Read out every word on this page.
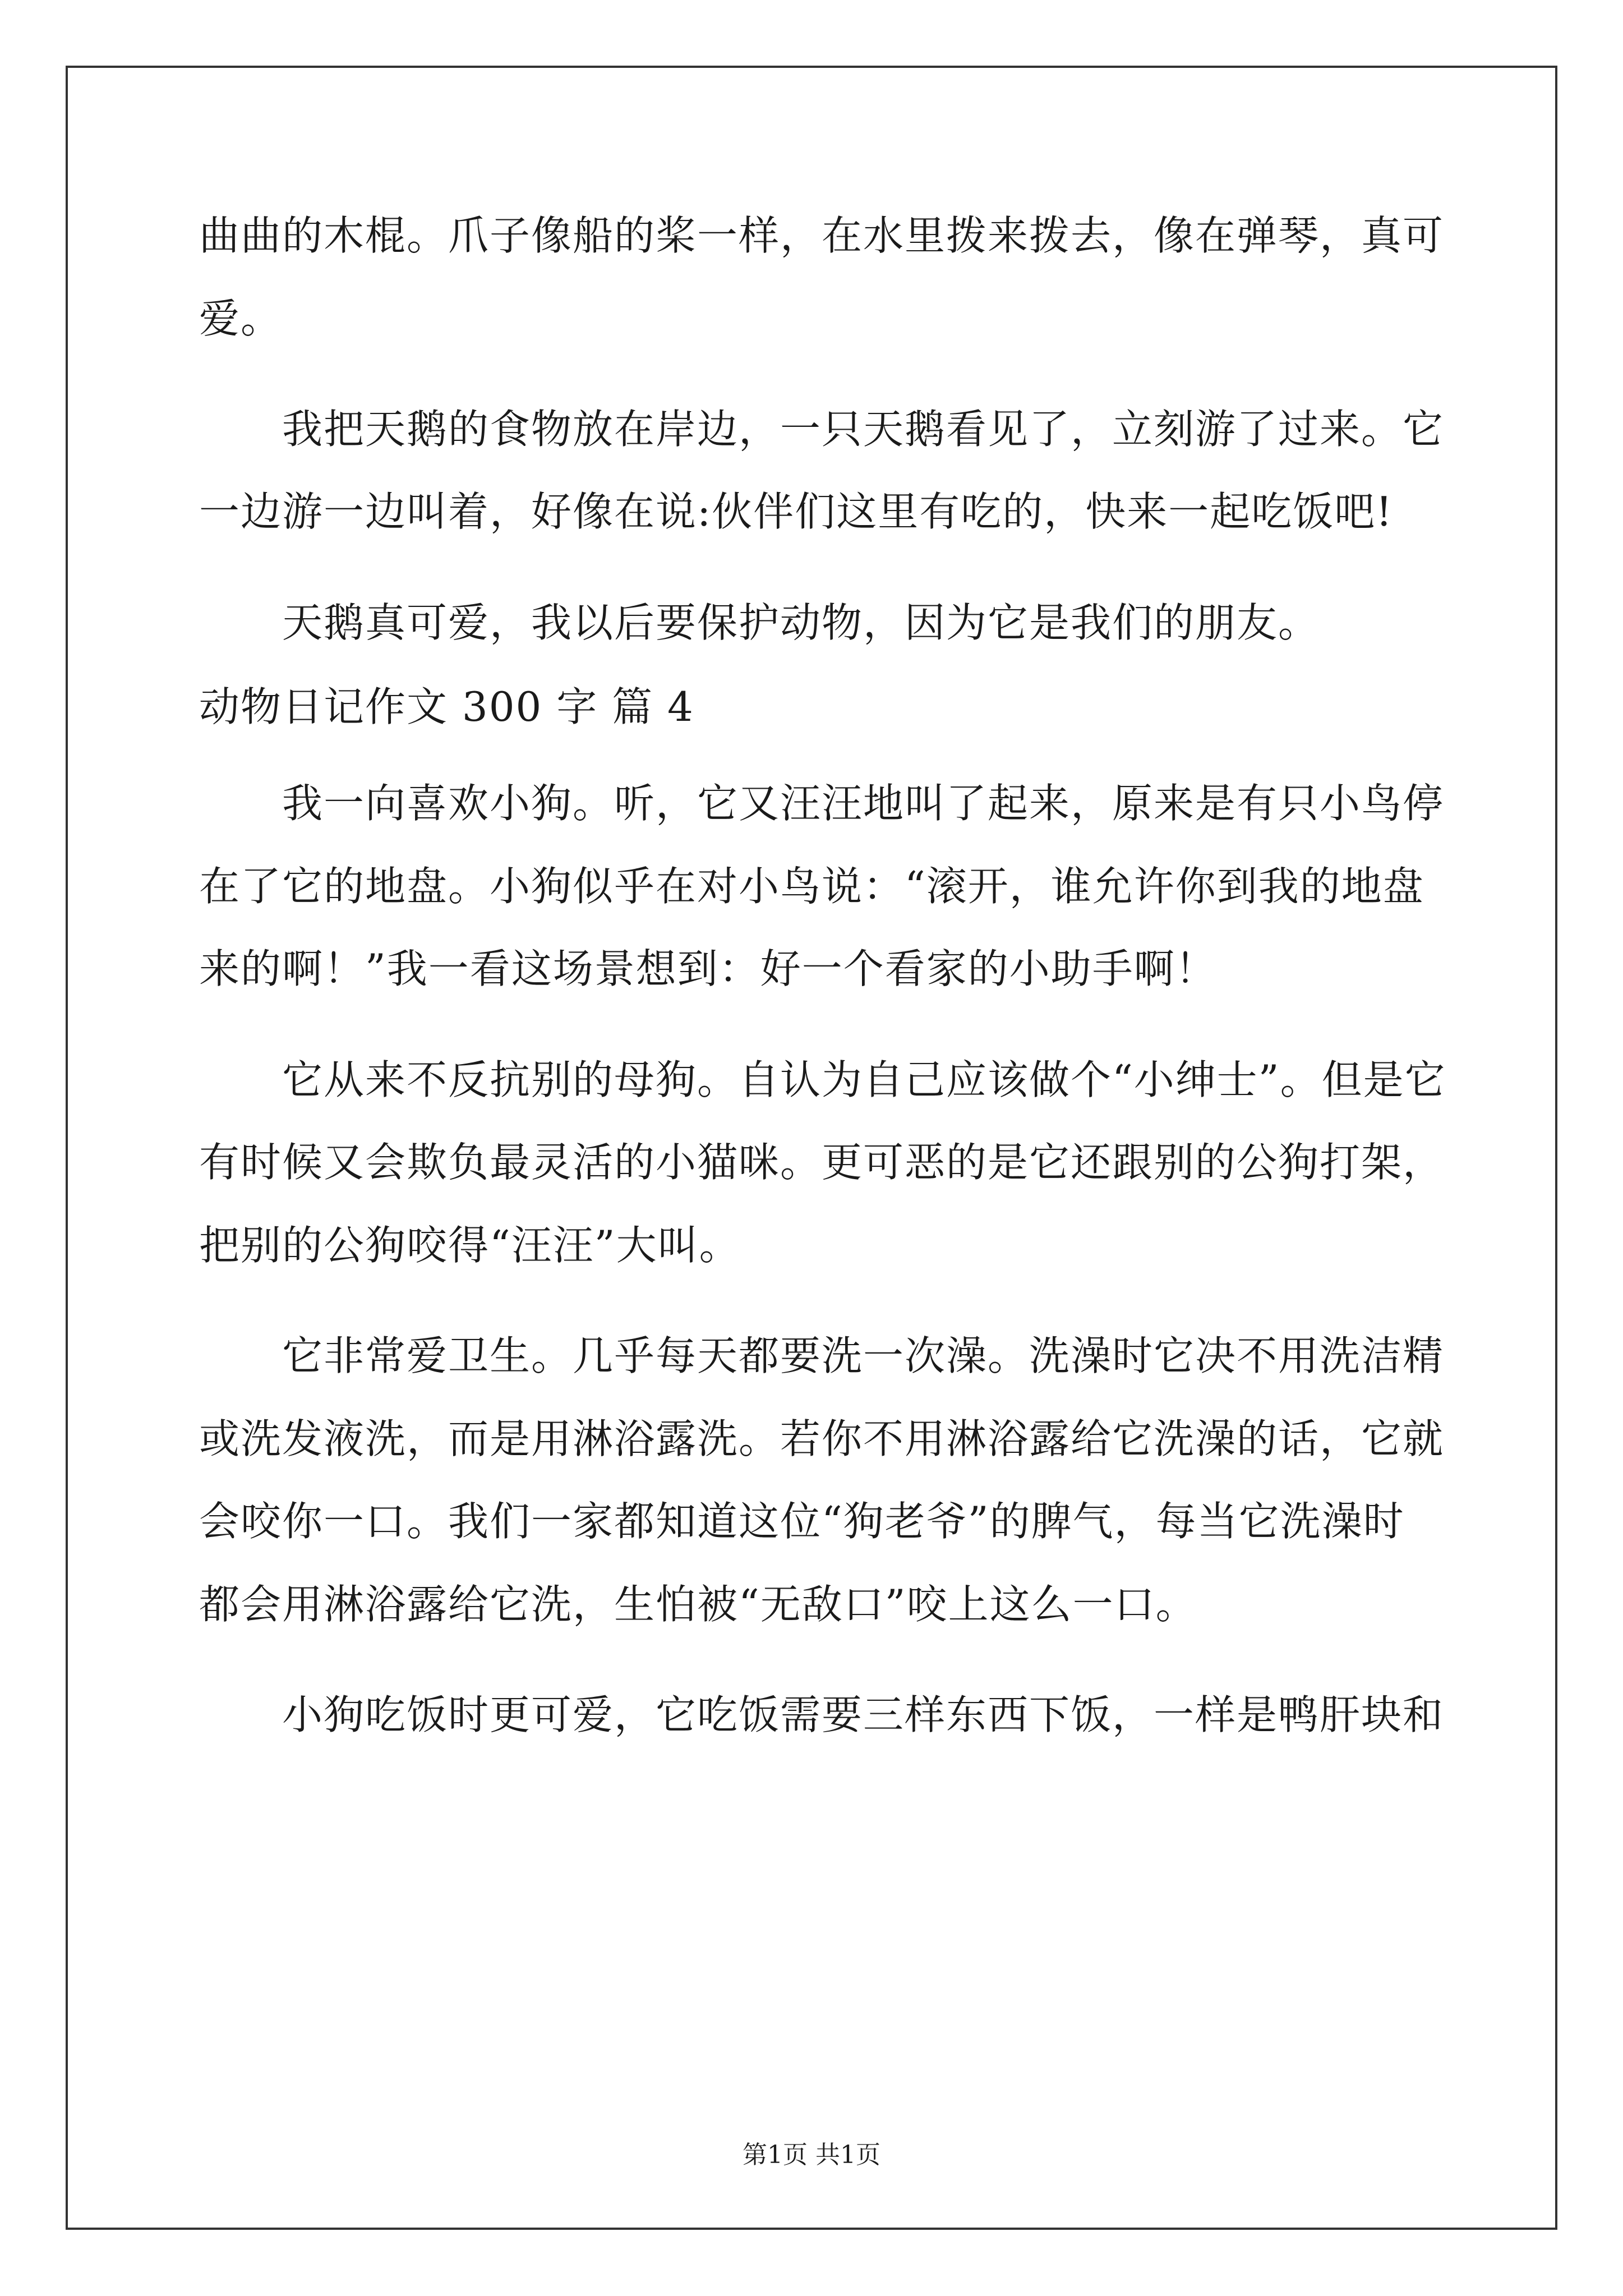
曲曲的木棍。爪子像船的桨一样，在水里拨来拨去，像在弹琴，真可
爱。
我把天鹅的食物放在岸边，一只天鹅看见了，立刻游了过来。它
一边游一边叫着，好像在说:伙伴们这里有吃的，快来一起吃饭吧!
天鹅真可爱，我以后要保护动物，因为它是我们的朋友。
动物日记作文 300 字 篇 4
我一向喜欢小狗。听，它又汪汪地叫了起来，原来是有只小鸟停
在了它的地盘。小狗似乎在对小鸟说：“滚开，谁允许你到我的地盘
来的啊！”我一看这场景想到：好一个看家的小助手啊！
它从来不反抗别的母狗。自认为自己应该做个“小绅士”。但是它
有时候又会欺负最灵活的小猫咪。更可恶的是它还跟别的公狗打架，
把别的公狗咬得“汪汪”大叫。
它非常爱卫生。几乎每天都要洗一次澡。洗澡时它决不用洗洁精
或洗发液洗，而是用淋浴露洗。若你不用淋浴露给它洗澡的话，它就
会咬你一口。我们一家都知道这位“狗老爷”的脾气，每当它洗澡时
都会用淋浴露给它洗，生怕被“无敌口”咬上这么一口。
小狗吃饭时更可爱，它吃饭需要三样东西下饭，一样是鸭肝块和
第1页 共1页
